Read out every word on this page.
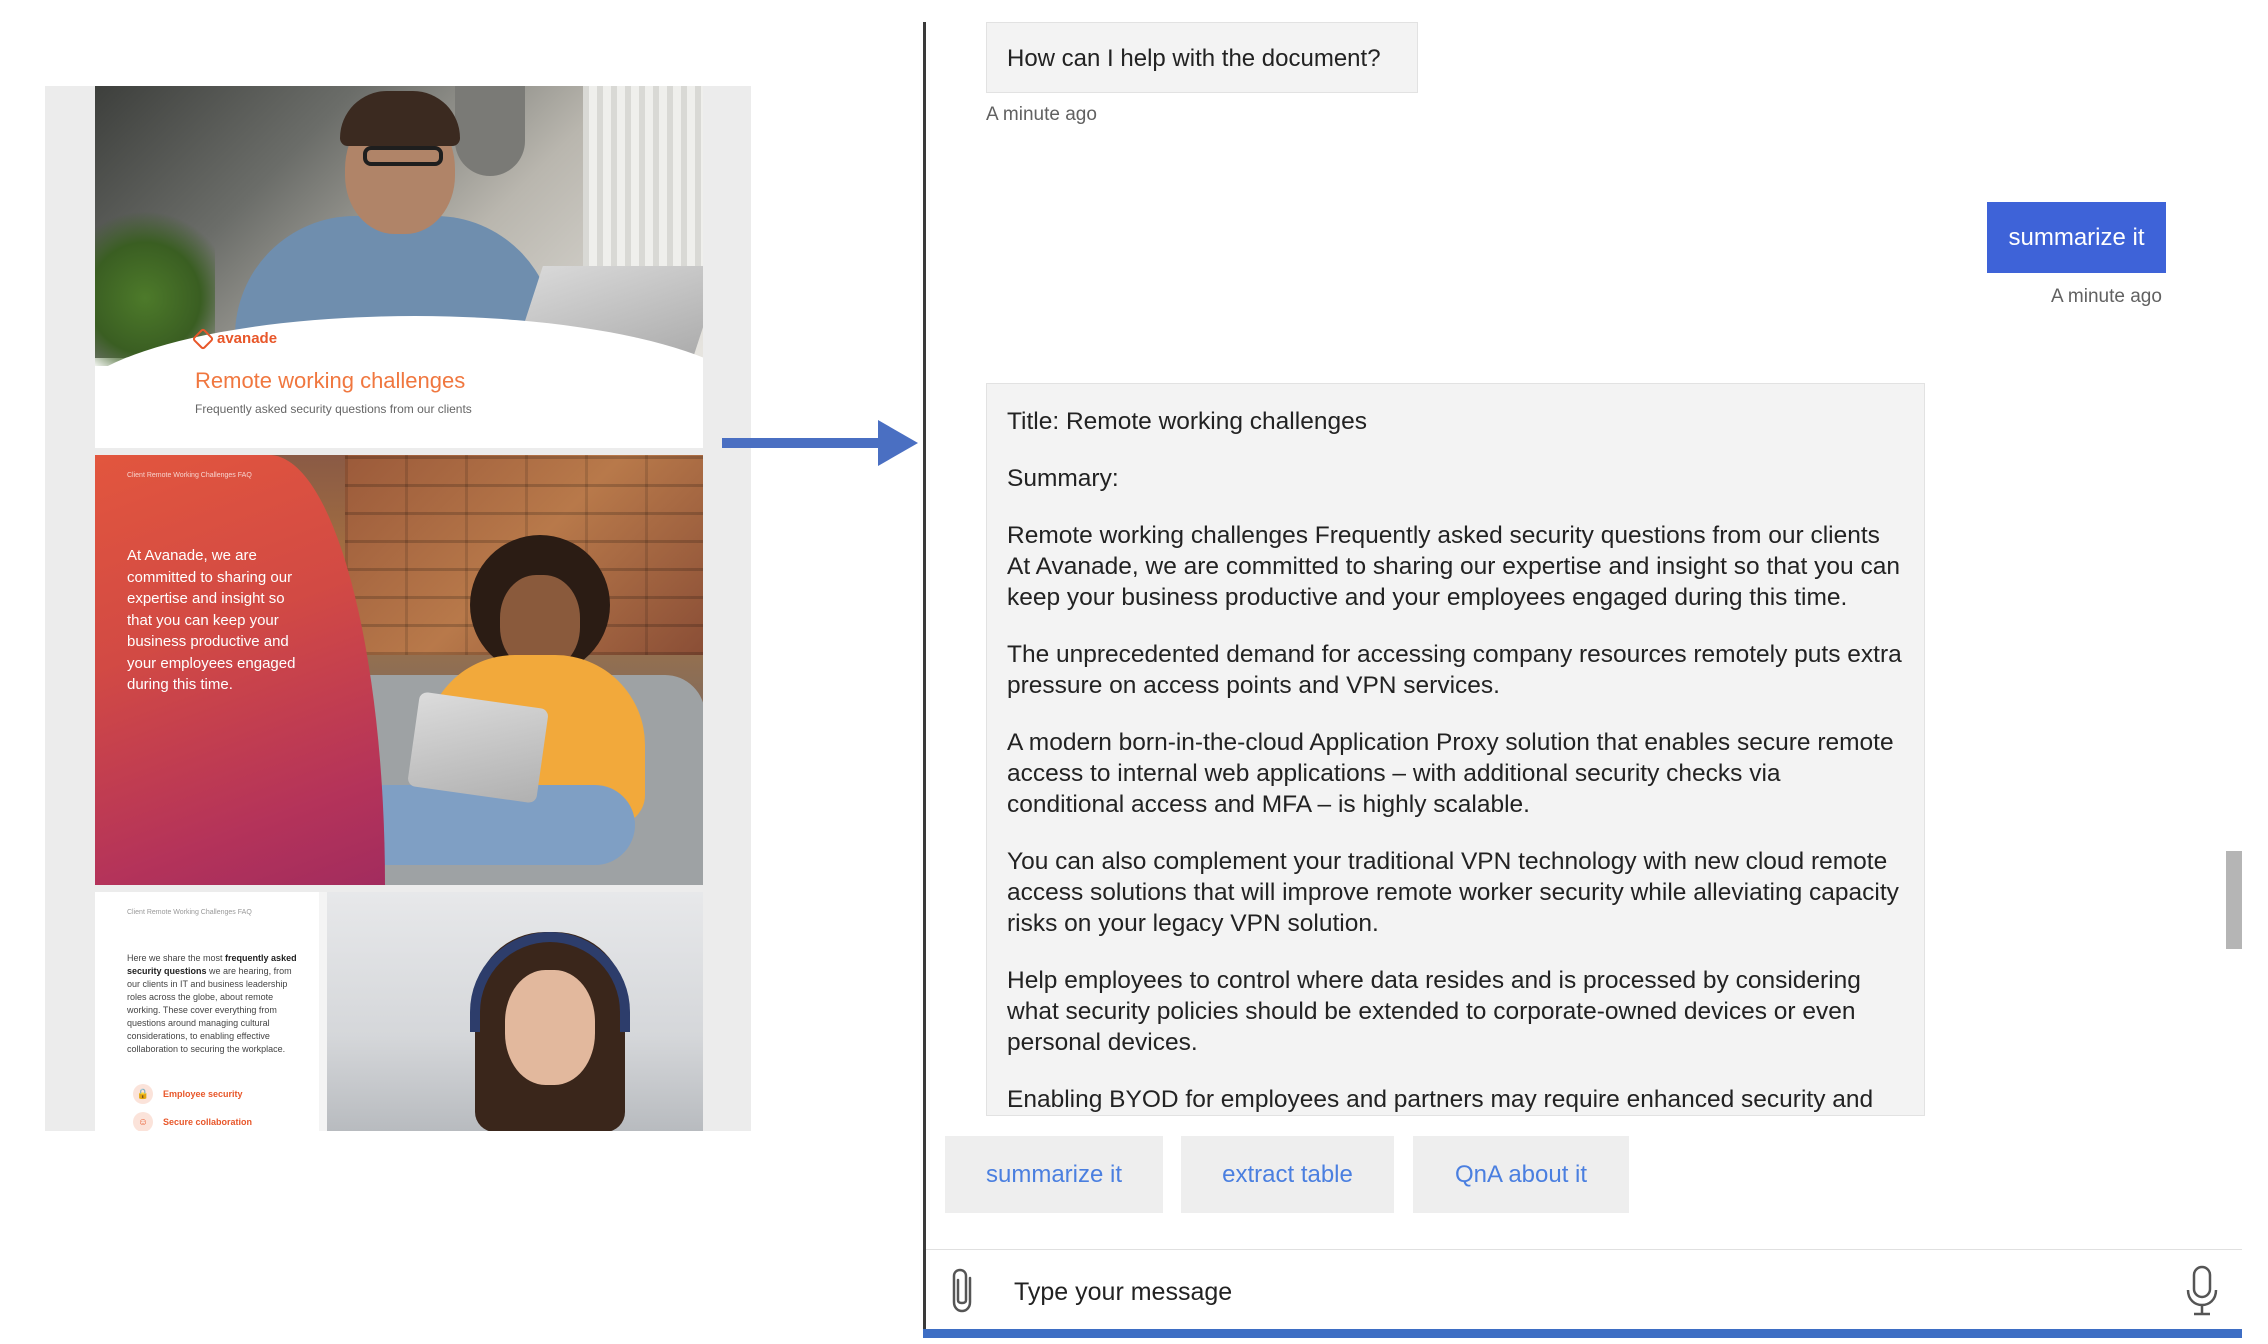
avanade
Remote working challenges
Frequently asked security questions from our clients
Client Remote Working Challenges FAQ
At Avanade, we are committed to sharing our expertise and insight so that you can keep your business productive and your employees engaged during this time.
Client Remote Working Challenges FAQ
Here we share the most frequently asked security questions we are hearing, from our clients in IT and business leadership roles across the globe, about remote working. These cover everything from questions around managing cultural considerations, to enabling effective collaboration to securing the workplace.
🔒	Employee security
☺	Secure collaboration
How can I help with the document?
A minute ago
summarize it
A minute ago

Title: Remote working challenges

Summary:

Remote working challenges Frequently asked security questions from our clients At Avanade, we are committed to sharing our expertise and insight so that you can keep your business productive and your employees engaged during this time.

The unprecedented demand for accessing company resources remotely puts extra pressure on access points and VPN services.

A modern born-in-the-cloud Application Proxy solution that enables secure remote access to internal web applications – with additional security checks via conditional access and MFA – is highly scalable.

You can also complement your traditional VPN technology with new cloud remote access solutions that will improve remote worker security while alleviating capacity risks on your legacy VPN solution.

Help employees to control where data resides and is processed by considering what security policies should be extended to corporate-owned devices or even personal devices.

Enabling BYOD for employees and partners may require enhanced security and

summarize it	extract table	QnA about it
Type your message
